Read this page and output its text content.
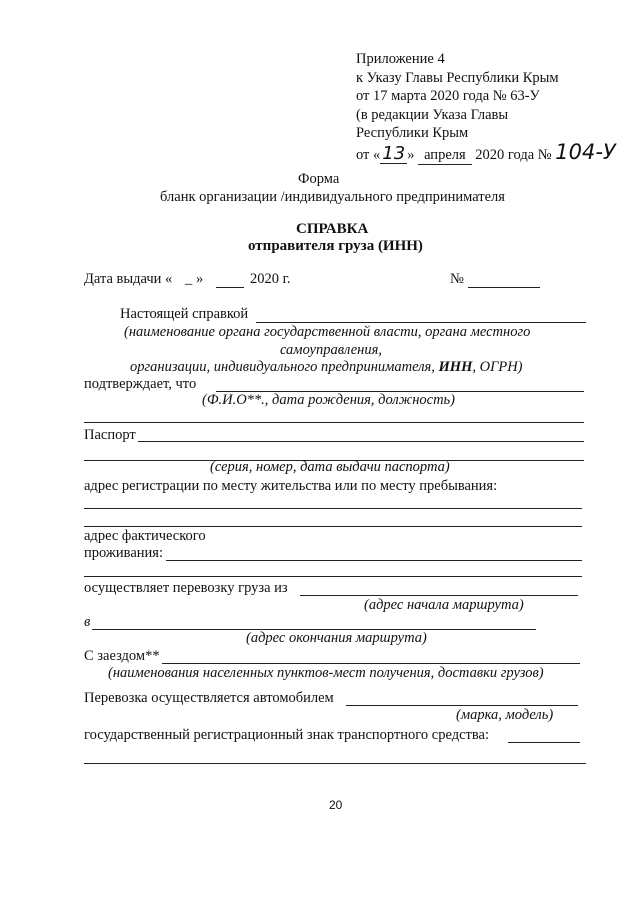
Приложение 4
к Указу Главы Республики Крым
от 17 марта 2020 года № 63-У
(в редакции Указа Главы
Республики Крым
от « 13 » апреля 2020 года № 104-У
Форма
бланк организации /индивидуального предпринимателя
СПРАВКА
отправителя груза (ИНН)
Дата выдачи « _ »	2020 г.	№
Настоящей справкой
(наименование органа государственной власти, органа местного
самоуправления,
организации, индивидуального предпринимателя, ИНН, ОГРН)
подтверждает, что
(Ф.И.О**., дата рождения, должность)
Паспорт
(серия, номер, дата выдачи паспорта)
адрес регистрации по месту жительства или по месту пребывания:
адрес фактического
проживания:
осуществляет перевозку груза из
(адрес начала маршрута)
в
(адрес окончания маршрута)
С заездом**
(наименования населенных пунктов-мест получения, доставки грузов)
Перевозка осуществляется автомобилем
(марка, модель)
государственный регистрационный знак транспортного средства:
20
